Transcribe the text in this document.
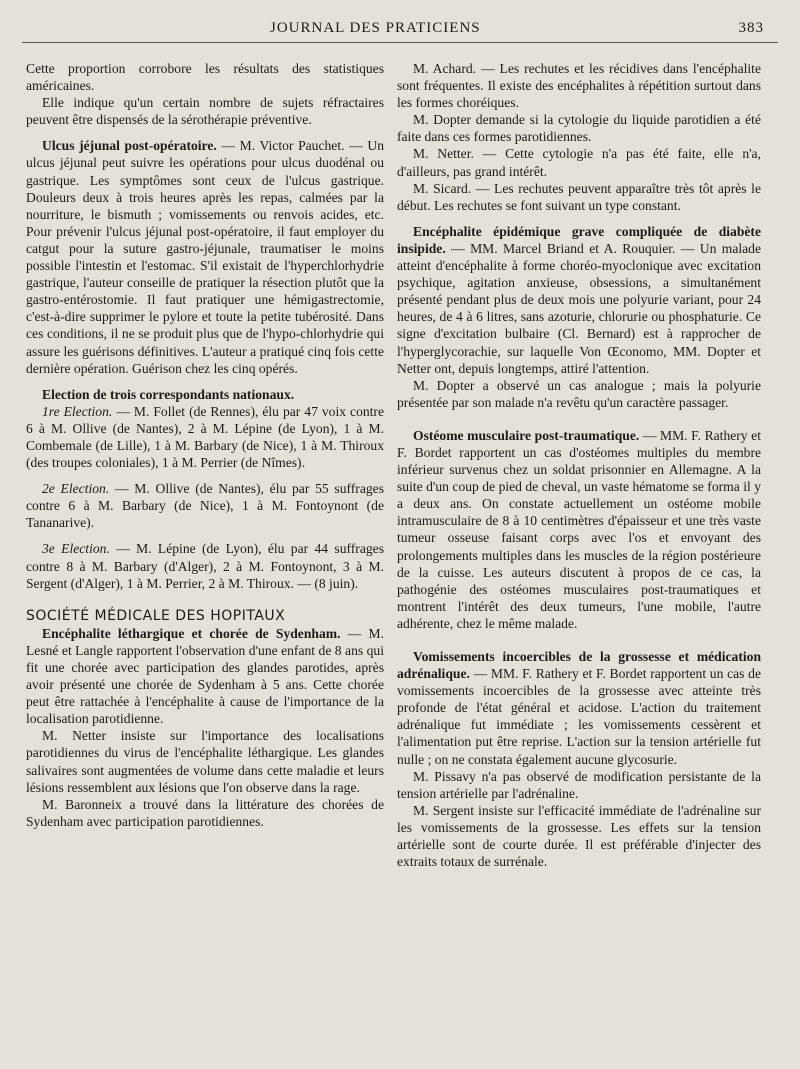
JOURNAL DES PRATICIENS	383

Cette proportion corrobore les résultats des statistiques américaines.

Elle indique qu'un certain nombre de sujets réfractaires peuvent être dispensés de la sérothérapie préventive.

Ulcus jéjunal post-opératoire. — M. Victor Pauchet. — Un ulcus jéjunal peut suivre les opérations pour ulcus duodénal ou gastrique. Les symptômes sont ceux de l'ulcus gastrique. Douleurs deux à trois heures après les repas, calmées par la nourriture, le bismuth ; vomissements ou renvois acides, etc. Pour prévenir l'ulcus jéjunal post-opératoire, il faut employer du catgut pour la suture gastro-jéjunale, traumatiser le moins possible l'intestin et l'estomac. S'il existait de l'hyperchlorhydrie gastrique, l'auteur conseille de pratiquer la résection plutôt que la gastro-entérostomie. Il faut pratiquer une hémigastrectomie, c'est-à-dire supprimer le pylore et toute la petite tubérosité. Dans ces conditions, il ne se produit plus que de l'hypo-chlorhydrie qui assure les guérisons définitives. L'auteur a pratiqué cinq fois cette dernière opération. Guérison chez les cinq opérés.

Election de trois correspondants nationaux.

1re Election. — M. Follet (de Rennes), élu par 47 voix contre 6 à M. Ollive (de Nantes), 2 à M. Lépine (de Lyon), 1 à M. Combemale (de Lille), 1 à M. Barbary (de Nice), 1 à M. Thiroux (des troupes coloniales), 1 à M. Perrier (de Nîmes).

2e Election. — M. Ollive (de Nantes), élu par 55 suffrages contre 6 à M. Barbary (de Nice), 1 à M. Fontoynont (de Tananarive).

3e Election. — M. Lépine (de Lyon), élu par 44 suffrages contre 8 à M. Barbary (d'Alger), 2 à M. Fontoynont, 3 à M. Sergent (d'Alger), 1 à M. Perrier, 2 à M. Thiroux. — (8 juin).

SOCIÉTÉ MÉDICALE DES HOPITAUX

Encéphalite léthargique et chorée de Sydenham. — M. Lesné et Langle rapportent l'observation d'une enfant de 8 ans qui fit une chorée avec participation des glandes parotides, après avoir présenté une chorée de Sydenham à 5 ans. Cette chorée peut être rattachée à l'encéphalite à cause de l'importance de la localisation parotidienne.

M. Netter insiste sur l'importance des localisations parotidiennes du virus de l'encéphalite léthargique. Les glandes salivaires sont augmentées de volume dans cette maladie et leurs lésions ressemblent aux lésions que l'on observe dans la rage.

M. Baronneix a trouvé dans la littérature des chorées de Sydenham avec participation parotidiennes.

M. Achard. — Les rechutes et les récidives dans l'encéphalite sont fréquentes. Il existe des encéphalites à répétition surtout dans les formes choréiques.

M. Dopter demande si la cytologie du liquide parotidien a été faite dans ces formes parotidiennes.

M. Netter. — Cette cytologie n'a pas été faite, elle n'a, d'ailleurs, pas grand intérêt.

M. Sicard. — Les rechutes peuvent apparaître très tôt après le début. Les rechutes se font suivant un type constant.

Encéphalite épidémique grave compliquée de diabète insipide. — MM. Marcel Briand et A. Rouquier. — Un malade atteint d'encéphalite à forme choréo-myoclonique avec excitation psychique, agitation anxieuse, obsessions, a simultanément présenté pendant plus de deux mois une polyurie variant, pour 24 heures, de 4 à 6 litres, sans azoturie, chlorurie ou phosphaturie. Ce signe d'excitation bulbaire (Cl. Bernard) est à rapprocher de l'hyperglycorachie, sur laquelle Von Œconomo, MM. Dopter et Netter ont, depuis longtemps, attiré l'attention.

M. Dopter a observé un cas analogue ; mais la polyurie présentée par son malade n'a revêtu qu'un caractère passager.

Ostéome musculaire post-traumatique. — MM. F. Rathery et F. Bordet rapportent un cas d'ostéomes multiples du membre inférieur survenus chez un soldat prisonnier en Allemagne. A la suite d'un coup de pied de cheval, un vaste hématome se forma il y a deux ans. On constate actuellement un ostéome mobile intramusculaire de 8 à 10 centimètres d'épaisseur et une très vaste tumeur osseuse faisant corps avec l'os et envoyant des prolongements multiples dans les muscles de la région postérieure de la cuisse. Les auteurs discutent à propos de ce cas, la pathogénie des ostéomes musculaires post-traumatiques et montrent l'intérêt des deux tumeurs, l'une mobile, l'autre adhérente, chez le même malade.

Vomissements incoercibles de la grossesse et médication adrénalique. — MM. F. Rathery et F. Bordet rapportent un cas de vomissements incoercibles de la grossesse avec atteinte très profonde de l'état général et acidose. L'action du traitement adrénalique fut immédiate ; les vomissements cessèrent et l'alimentation put être reprise. L'action sur la tension artérielle fut nulle ; on ne constata également aucune glycosurie.

M. Pissavy n'a pas observé de modification persistante de la tension artérielle par l'adrénaline.

M. Sergent insiste sur l'efficacité immédiate de l'adrénaline sur les vomissements de la grossesse. Les effets sur la tension artérielle sont de courte durée. Il est préférable d'injecter des extraits totaux de surrénale.
